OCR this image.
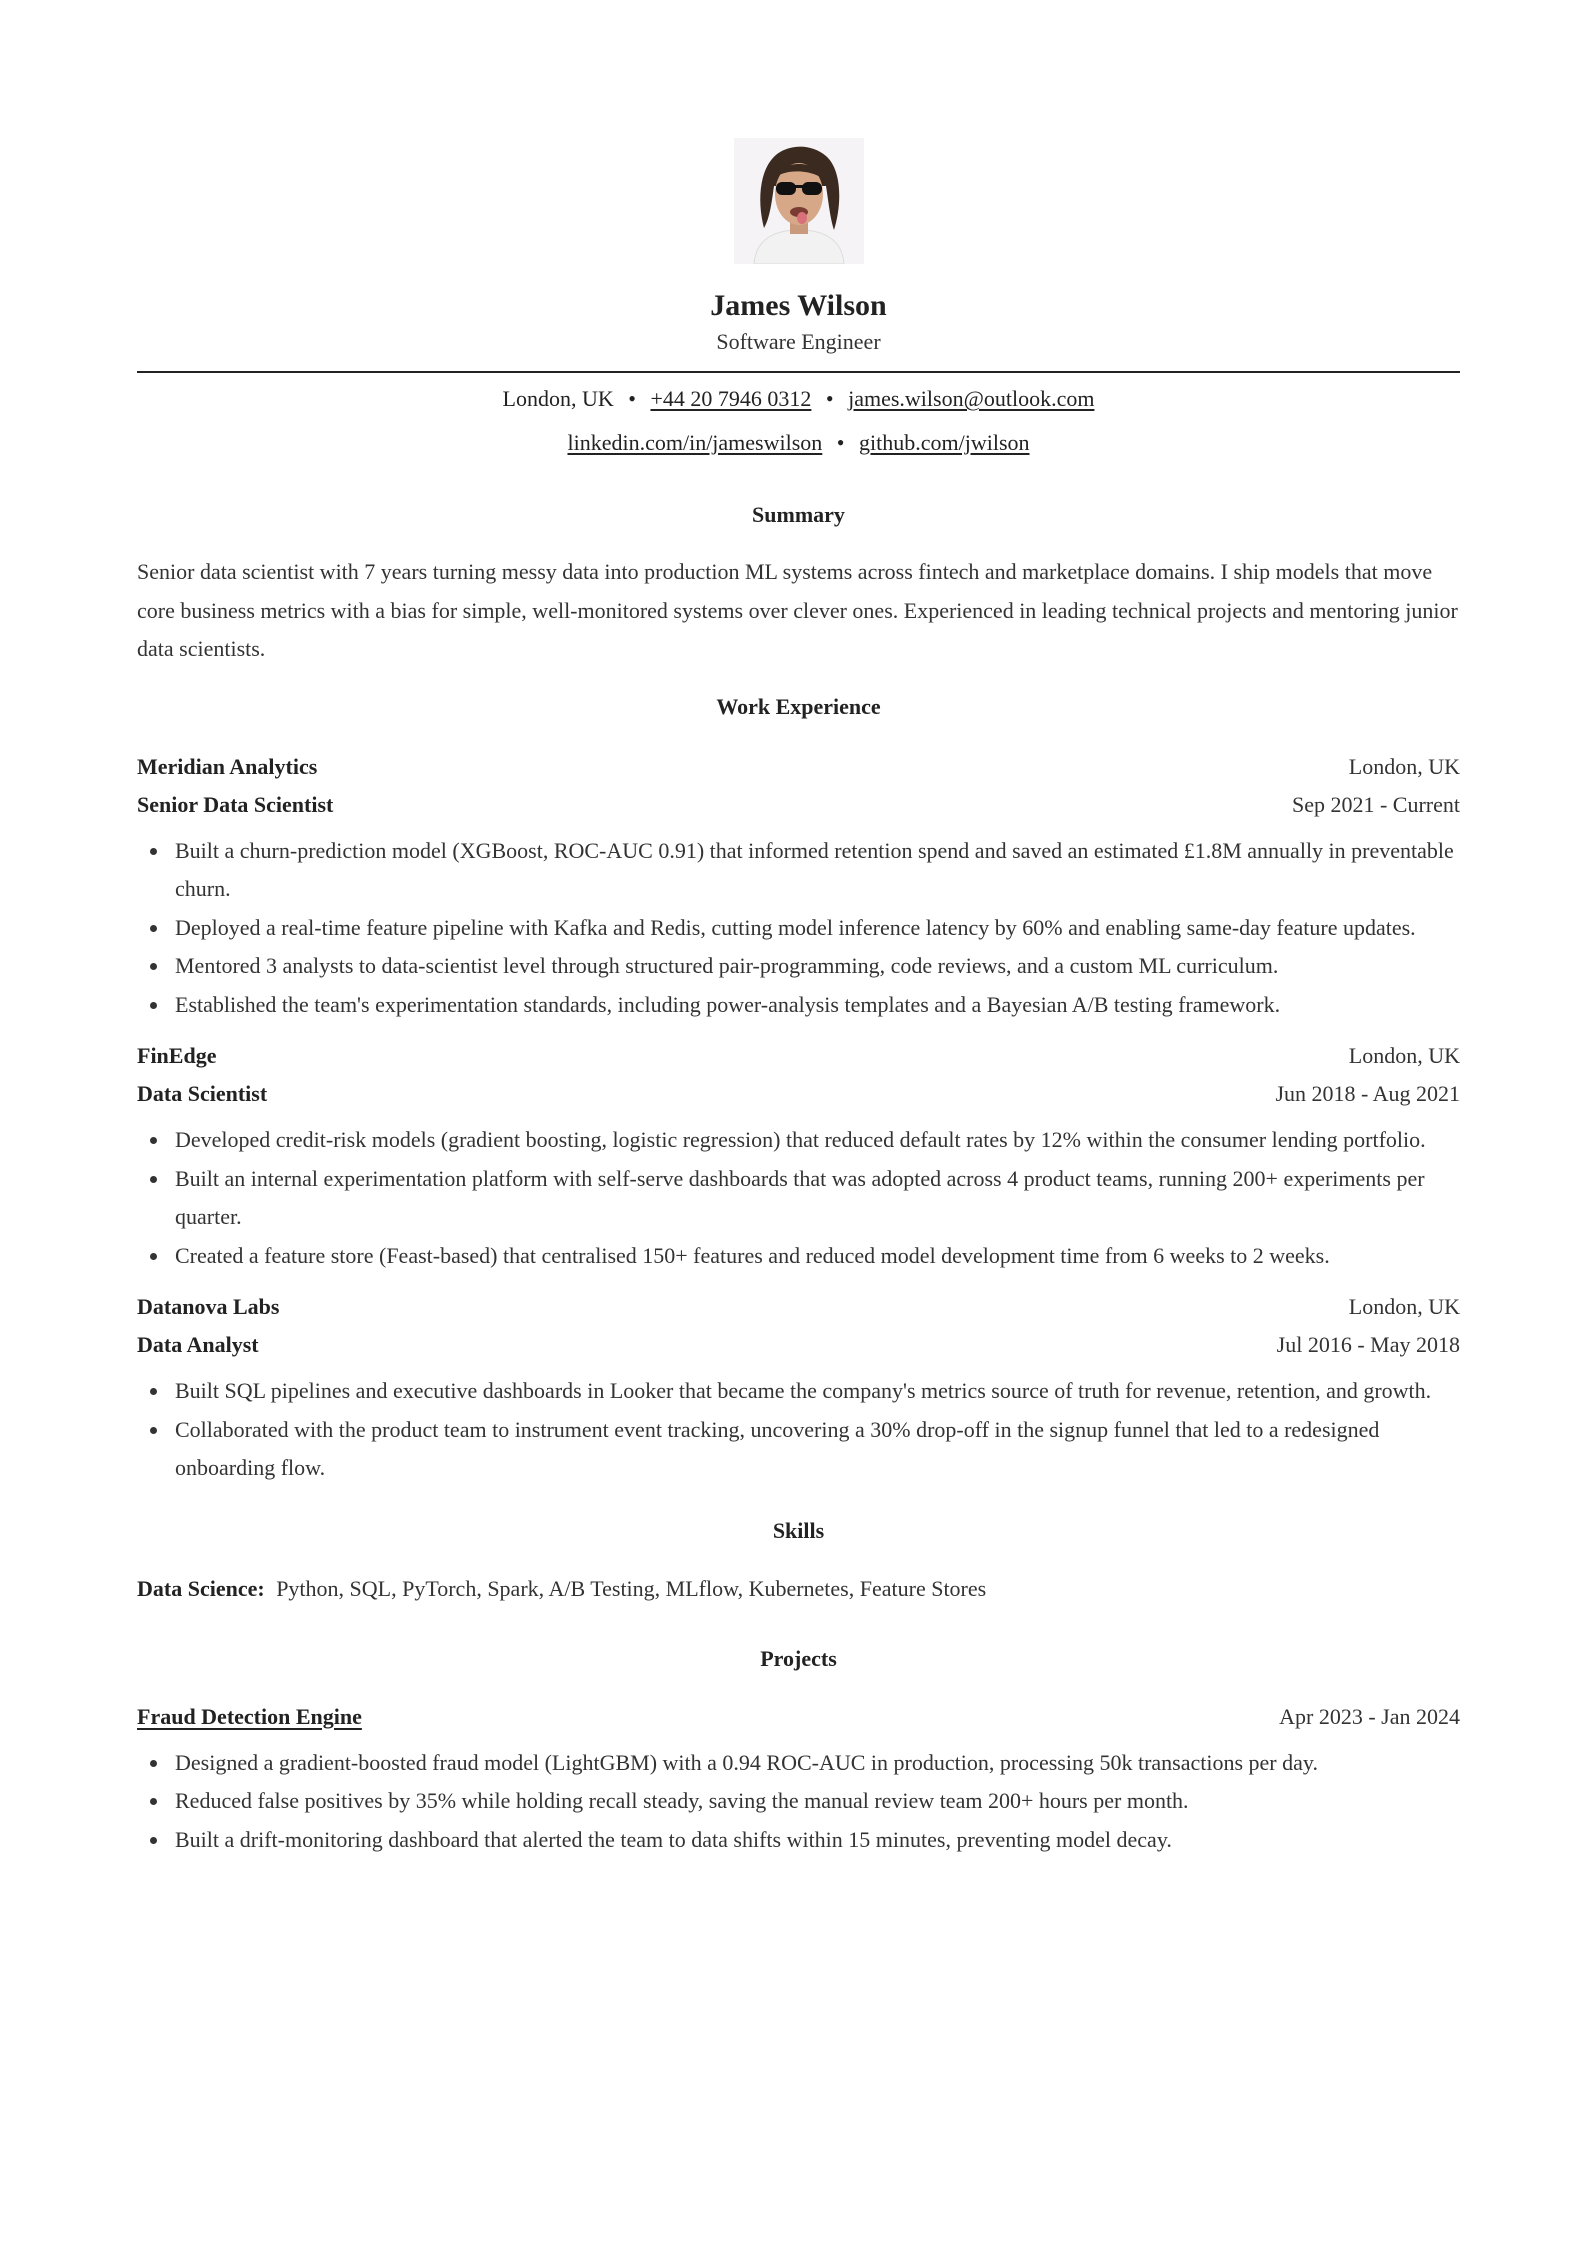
James Wilson
Software Engineer
London, UK • +44 20 7946 0312 • james.wilson@outlook.com
linkedin.com/in/jameswilson • github.com/jwilson
Summary

Senior data scientist with 7 years turning messy data into production ML systems across fintech and marketplace domains. I ship models that move core business metrics with a bias for simple, well-monitored systems over clever ones. Experienced in leading technical projects and mentoring junior data scientists.

Work Experience
Meridian Analytics	London, UK
Senior Data Scientist	Sep 2021 - Current
Built a churn-prediction model (XGBoost, ROC-AUC 0.91) that informed retention spend and saved an estimated £1.8M annually in preventable churn.
Deployed a real-time feature pipeline with Kafka and Redis, cutting model inference latency by 60% and enabling same-day feature updates.
Mentored 3 analysts to data-scientist level through structured pair-programming, code reviews, and a custom ML curriculum.
Established the team's experimentation standards, including power-analysis templates and a Bayesian A/B testing framework.
FinEdge	London, UK
Data Scientist	Jun 2018 - Aug 2021
Developed credit-risk models (gradient boosting, logistic regression) that reduced default rates by 12% within the consumer lending portfolio.
Built an internal experimentation platform with self-serve dashboards that was adopted across 4 product teams, running 200+ experiments per quarter.
Created a feature store (Feast-based) that centralised 150+ features and reduced model development time from 6 weeks to 2 weeks.
Datanova Labs	London, UK
Data Analyst	Jul 2016 - May 2018
Built SQL pipelines and executive dashboards in Looker that became the company's metrics source of truth for revenue, retention, and growth.
Collaborated with the product team to instrument event tracking, uncovering a 30% drop-off in the signup funnel that led to a redesigned onboarding flow.
Skills
Data Science: Python, SQL, PyTorch, Spark, A/B Testing, MLflow, Kubernetes, Feature Stores
Projects
Fraud Detection Engine	Apr 2023 - Jan 2024
Designed a gradient-boosted fraud model (LightGBM) with a 0.94 ROC-AUC in production, processing 50k transactions per day.
Reduced false positives by 35% while holding recall steady, saving the manual review team 200+ hours per month.
Built a drift-monitoring dashboard that alerted the team to data shifts within 15 minutes, preventing model decay.
